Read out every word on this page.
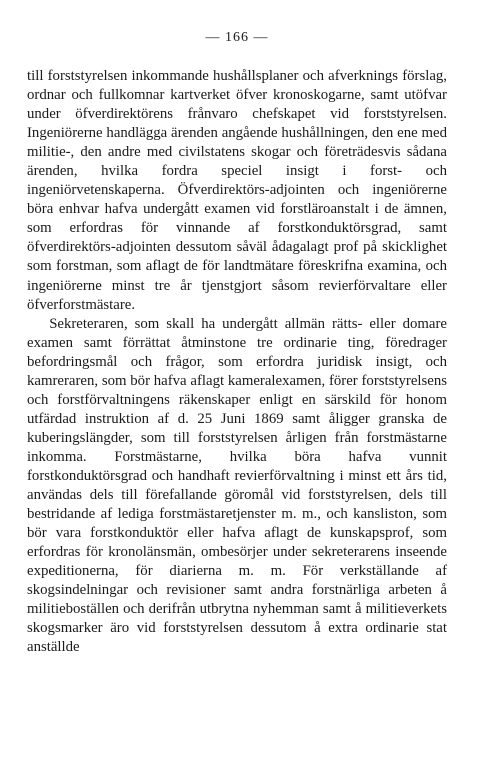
— 166 —

till forststyrelsen inkommande hushållsplaner och afverknings förslag, ordnar och fullkomnar kartverket öfver kronoskogarne, samt utöfvar under öfverdirektörens frånvaro chefskapet vid forststyrelsen. Ingeniörerne handlägga ärenden angående hushållningen, den ene med militie-, den andre med civilstatens skogar och företrädesvis sådana ärenden, hvilka fordra speciel insigt i forst- och ingeniörvetenskaperna. Öfverdirektörs-adjointen och ingeniörerne böra enhvar hafva undergått examen vid forstläroanstalt i de ämnen, som erfordras för vinnande af forstkonduktörsgrad, samt öfverdirektörs-adjointen dessutom såväl ådagalagt prof på skicklighet som forstman, som aflagt de för landtmätare föreskrifna examina, och ingeniörerne minst tre år tjenstgjort såsom revierförvaltare eller öfverforstmästare.

Sekreteraren, som skall ha undergått allmän rätts- eller domare examen samt förrättat åtminstone tre ordinarie ting, föredrager befordringsmål och frågor, som erfordra juridisk insigt, och kamreraren, som bör hafva aflagt kameralexamen, förer forststyrelsens och forstförvaltningens räkenskaper enligt en särskild för honom utfärdad instruktion af d. 25 Juni 1869 samt åligger granska de kuberingslängder, som till forststyrelsen årligen från forstmästarne inkomma. Forstmästarne, hvilka böra hafva vunnit forstkonduktörsgrad och handhaft revierförvaltning i minst ett års tid, användas dels till förefallande göromål vid forststyrelsen, dels till bestridande af lediga forstmästaretjenster m. m., och kansliston, som bör vara forstkonduktör eller hafva aflagt de kunskapsprof, som erfordras för kronolänsmän, ombesörjer under sekreterarens inseende expeditionerna, för diarierna m. m. För verkställande af skogsindelningar och revisioner samt andra forstnärliga arbeten å militieboställen och derifrån utbrytna nyhemman samt å militieverkets skogsmarker äro vid forststyrelsen dessutom å extra ordinarie stat anställde
